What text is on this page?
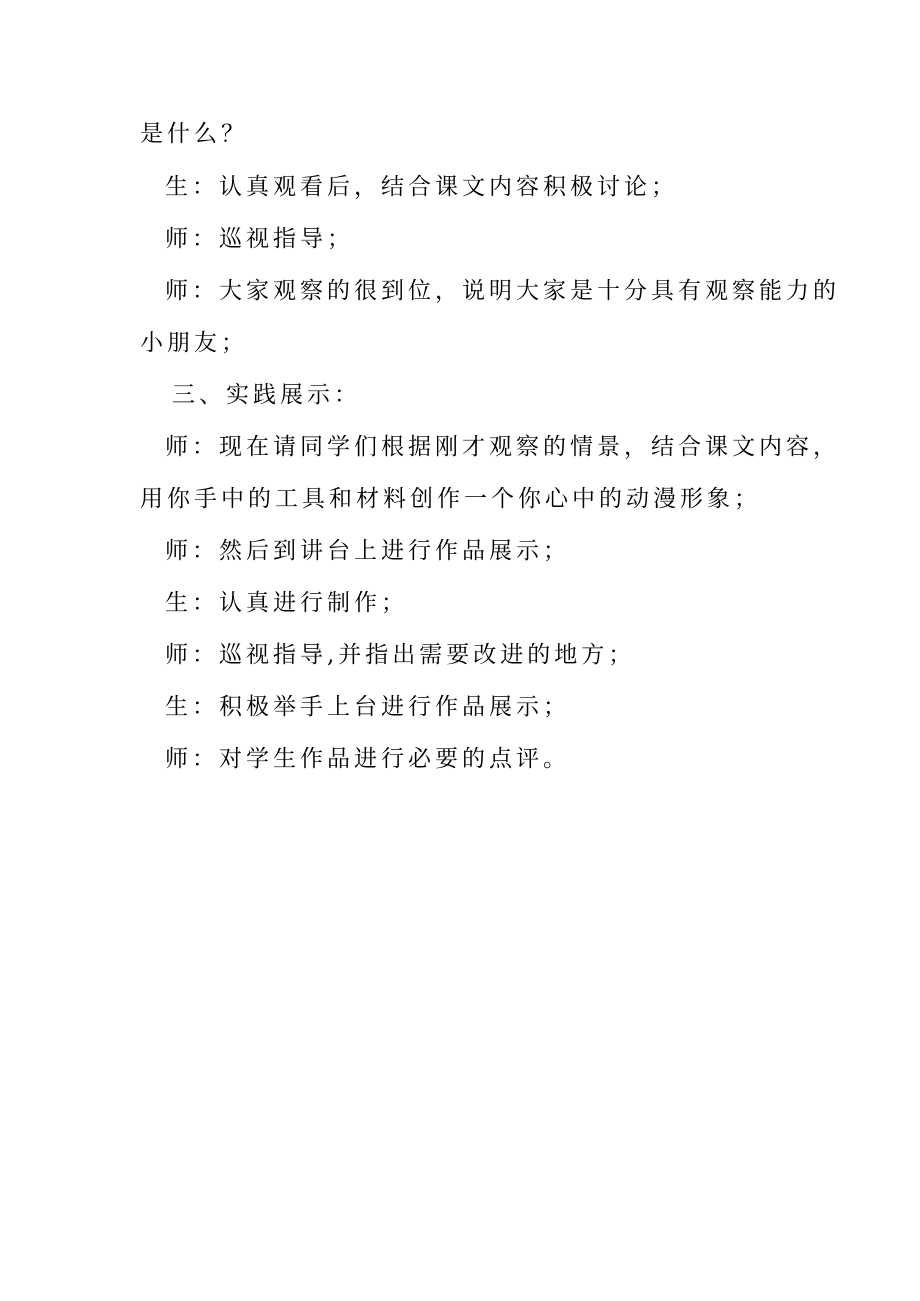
是什么？
生：认真观看后，结合课文内容积极讨论；
师：巡视指导；
师：大家观察的很到位，说明大家是十分具有观察能力的
小朋友；
三、实践展示：
师：现在请同学们根据刚才观察的情景，结合课文内容，
用你手中的工具和材料创作一个你心中的动漫形象；
师：然后到讲台上进行作品展示；
生：认真进行制作；
师：巡视指导,并指出需要改进的地方；
生：积极举手上台进行作品展示；
师：对学生作品进行必要的点评。
